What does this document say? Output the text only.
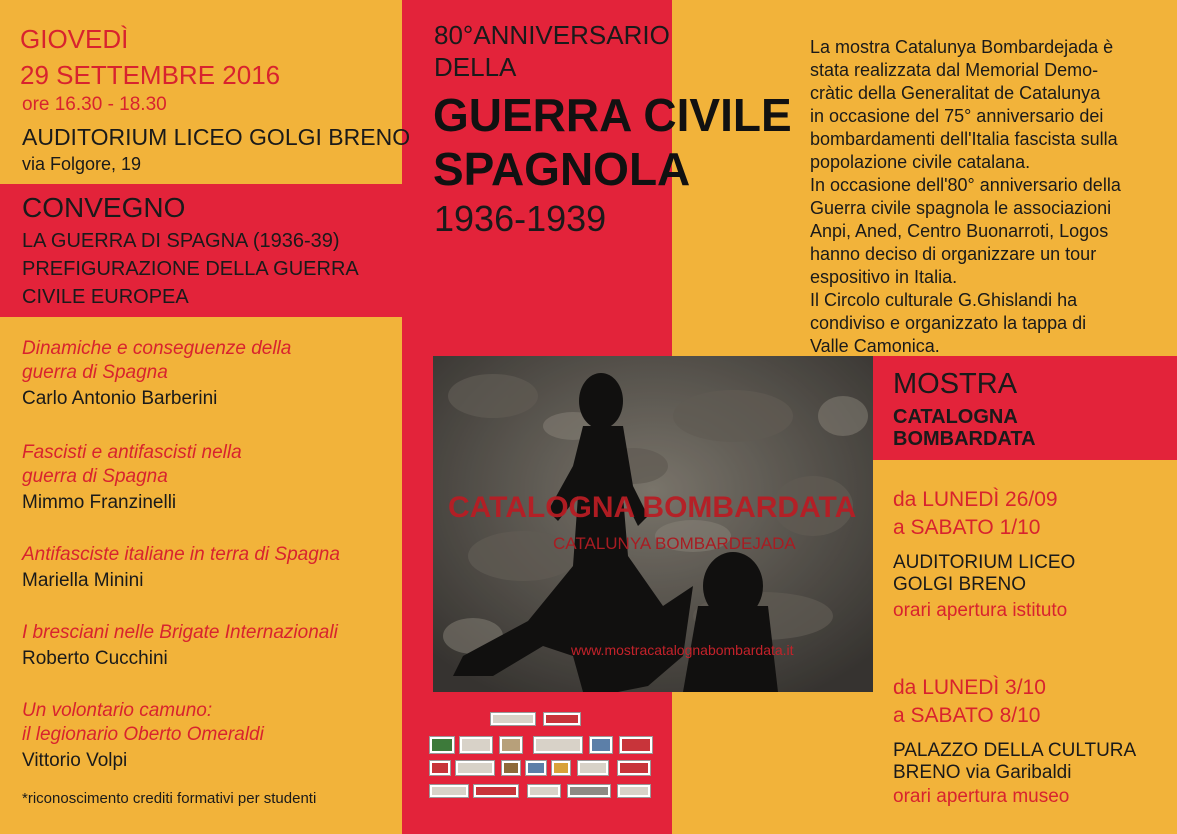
GIOVEDÌ
29 SETTEMBRE 2016
ore 16.30 - 18.30
AUDITORIUM LICEO GOLGI BRENO
via Folgore, 19
CONVEGNO
LA GUERRA DI SPAGNA (1936-39)
PREFIGURAZIONE DELLA GUERRA
CIVILE EUROPEA
Dinamiche e conseguenze della
guerra di Spagna
Carlo Antonio Barberini
Fascisti e antifascisti nella
guerra di Spagna
Mimmo Franzinelli
Antifasciste italiane in terra di Spagna
Mariella Minini
I bresciani nelle Brigate Internazionali
Roberto Cucchini
Un volontario camuno:
il legionario Oberto Omeraldi
Vittorio Volpi
*riconoscimento crediti formativi per studenti
80°ANNIVERSARIO
DELLA
GUERRA CIVILE
SPAGNOLA
1936-1939

La mostra Catalunya Bombardejada è

stata realizzata dal Memorial Demo-

cràtic della Generalitat de Catalunya

in occasione del 75° anniversario dei

bombardamenti dell'Italia fascista sulla

popolazione civile catalana.

In occasione dell'80° anniversario della

Guerra civile spagnola le associazioni

Anpi, Aned, Centro Buonarroti, Logos

hanno deciso di organizzare un tour

espositivo in Italia.

Il Circolo culturale G.Ghislandi ha

condiviso e organizzato la tappa di

Valle Camonica.

MOSTRA
CATALOGNA
BOMBARDATA
da LUNEDÌ 26/09
a SABATO 1/10
AUDITORIUM LICEO
GOLGI BRENO
orari apertura istituto
da LUNEDÌ 3/10
a SABATO 8/10
PALAZZO DELLA CULTURA
BRENO via Garibaldi
orari apertura museo
CATALOGNA BOMBARDATA
CATALUNYA BOMBARDEJADA
www.mostracatalognabombardata.it
